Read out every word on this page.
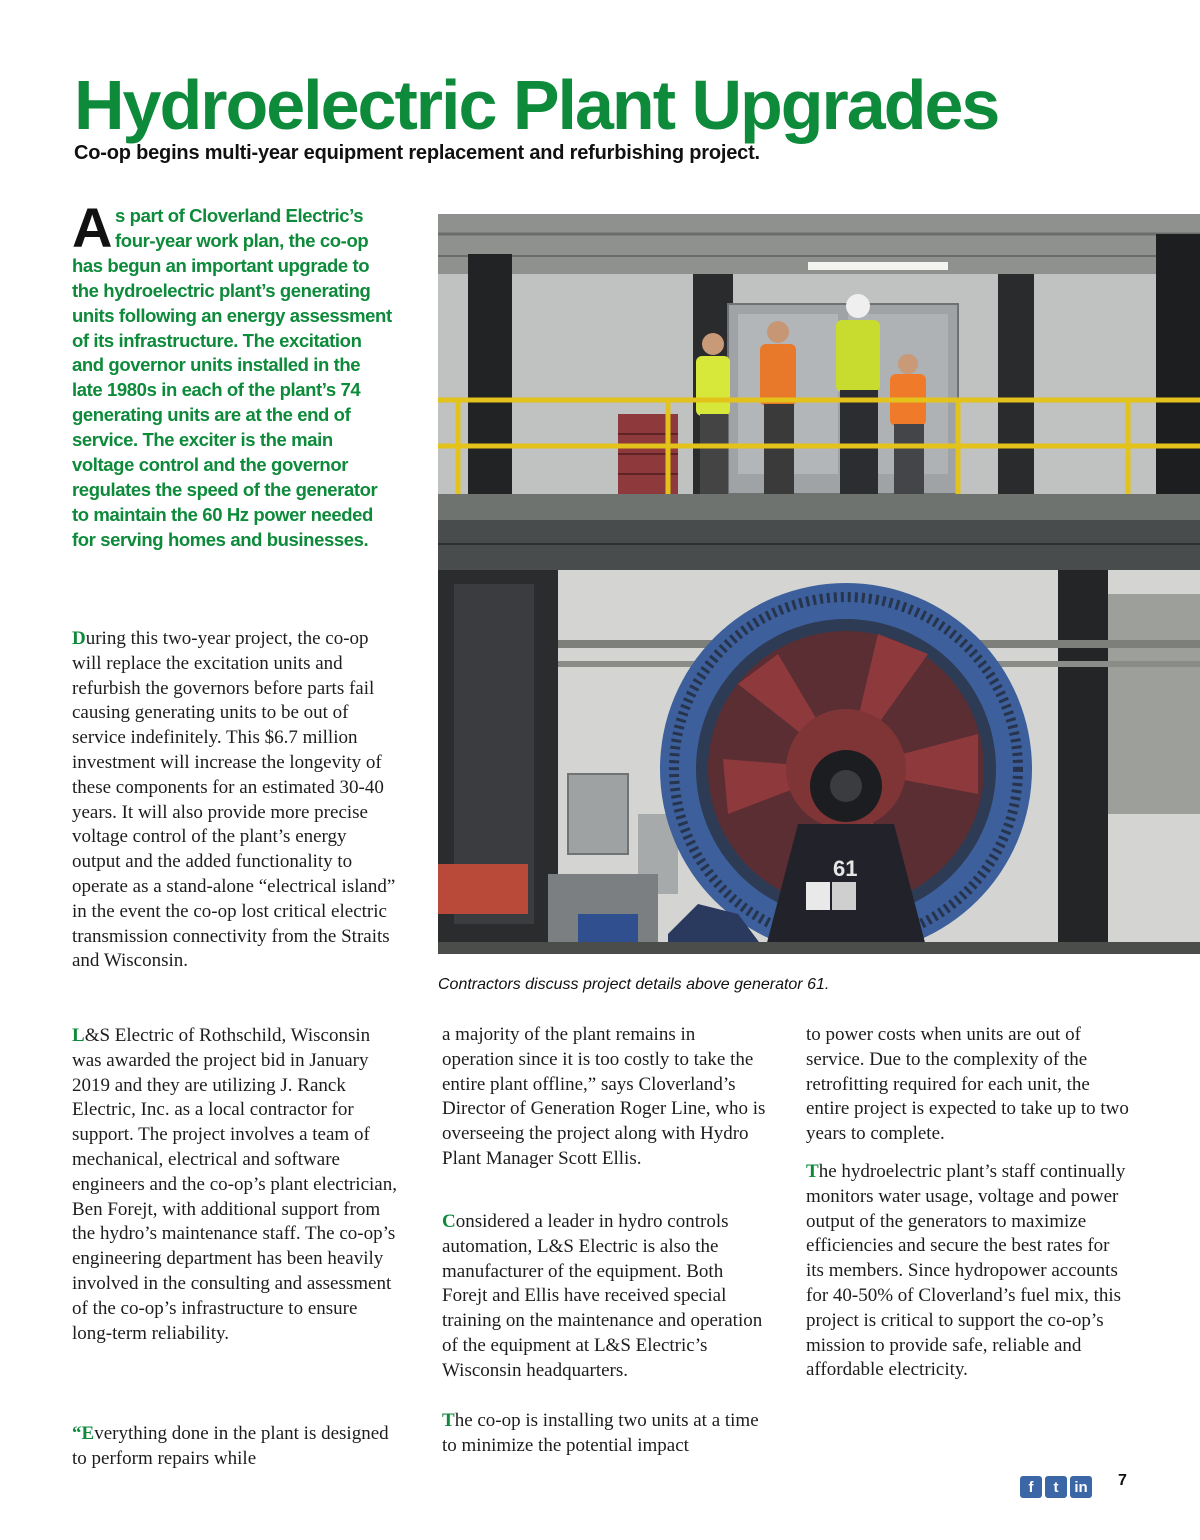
Hydroelectric Plant Upgrades

Co-op begins multi-year equipment replacement and refurbishing project.

As part of Cloverland Electric’s four-year work plan, the co-op has begun an important upgrade to the hydroelectric plant’s generating units following an energy assessment of its infrastructure. The excitation and governor units installed in the late 1980s in each of the plant’s 74 generating units are at the end of service. The exciter is the main voltage control and the governor regulates the speed of the generator to maintain the 60 Hz power needed for serving homes and businesses.

During this two-year project, the co-op will replace the excitation units and refurbish the governors before parts fail causing generating units to be out of service indefinitely. This $6.7 million investment will increase the longevity of these components for an estimated 30-40 years. It will also provide more precise voltage control of the plant’s energy output and the added functionality to operate as a stand-alone “electrical island” in the event the co-op lost critical electric transmission connectivity from the Straits and Wisconsin.

L&S Electric of Rothschild, Wisconsin was awarded the project bid in January 2019 and they are utilizing J. Ranck Electric, Inc. as a local contractor for support. The project involves a team of mechanical, electrical and software engineers and the co-op’s plant electrician, Ben Forejt, with additional support from the hydro’s maintenance staff. The co-op’s engineering department has been heavily involved in the consulting and assessment of the co-op’s infrastructure to ensure long-term reliability.

“Everything done in the plant is designed to perform repairs while

a majority of the plant remains in operation since it is too costly to take the entire plant offline,” says Cloverland’s Director of Generation Roger Line, who is overseeing the project along with Hydro Plant Manager Scott Ellis.

Considered a leader in hydro controls automation, L&S Electric is also the manufacturer of the equipment. Both Forejt and Ellis have received special training on the maintenance and operation of the equipment at L&S Electric’s Wisconsin headquarters.

The co-op is installing two units at a time to minimize the potential impact

to power costs when units are out of service. Due to the complexity of the retrofitting required for each unit, the entire project is expected to take up to two years to complete.

The hydroelectric plant’s staff continually monitors water usage, voltage and power output of the generators to maximize efficiencies and secure the best rates for its members. Since hydropower accounts for 40-50% of Cloverland’s fuel mix, this project is critical to support the co-op’s mission to provide safe, reliable and affordable electricity.

61

Contractors discuss project details above generator 61.

f	t	in 7
